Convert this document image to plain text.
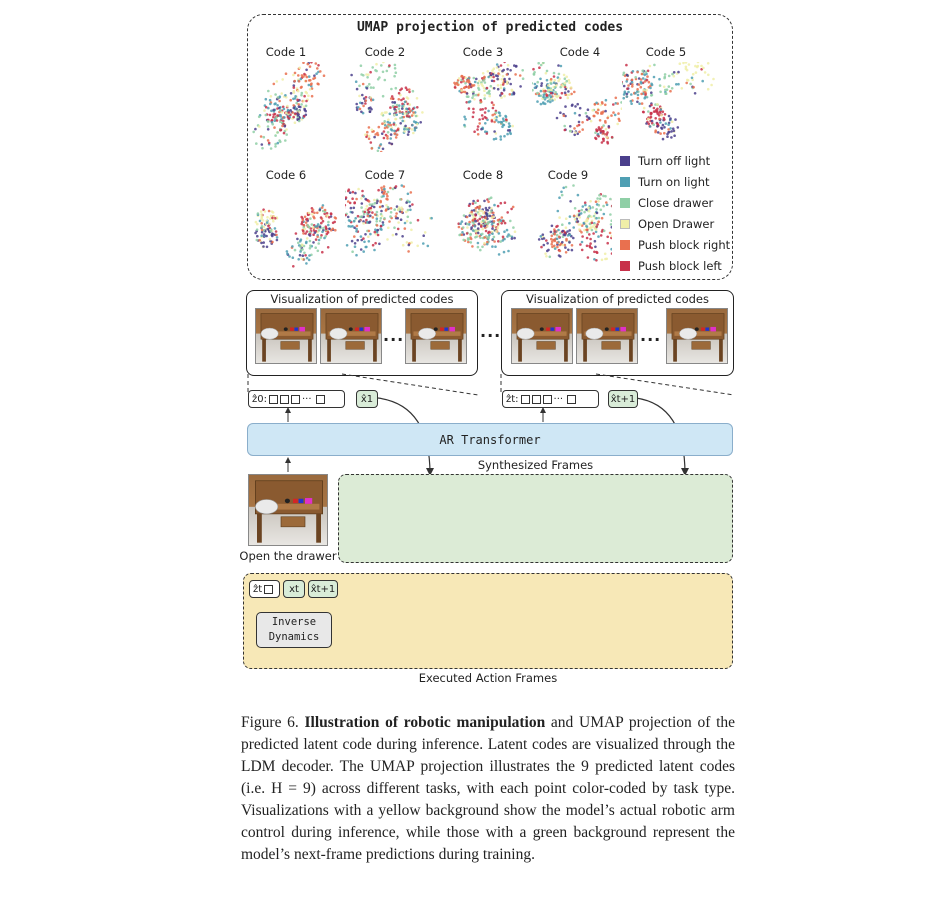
UMAP projection of predicted codes
Code 1	Code 2	Code 3	Code 4	Code 5
Code 6	Code 7	Code 8	Code 9
Turn off light
Turn on light
Close drawer
Open Drawer
Push block right
Push block left
Visualization of predicted codes	Visualization of predicted codes
...
...	...
ẑ0:	···	x̂1	ẑt:	···	x̂t+1
AR Transformer
Synthesized Frames
Open the drawer
ẑt	xt	x̂t+1
Inverse
Dynamics
Executed Action Frames
Figure 6. Illustration of robotic manipulation and UMAP projection of the predicted latent code during inference. Latent codes are visualized through the LDM decoder. The UMAP projection illustrates the 9 predicted latent codes (i.e. H = 9) across different tasks, with each point color-coded by task type. Visualizations with a yellow background show the model’s actual robotic arm control during inference, while those with a green background represent the model’s next-frame predictions during training.
